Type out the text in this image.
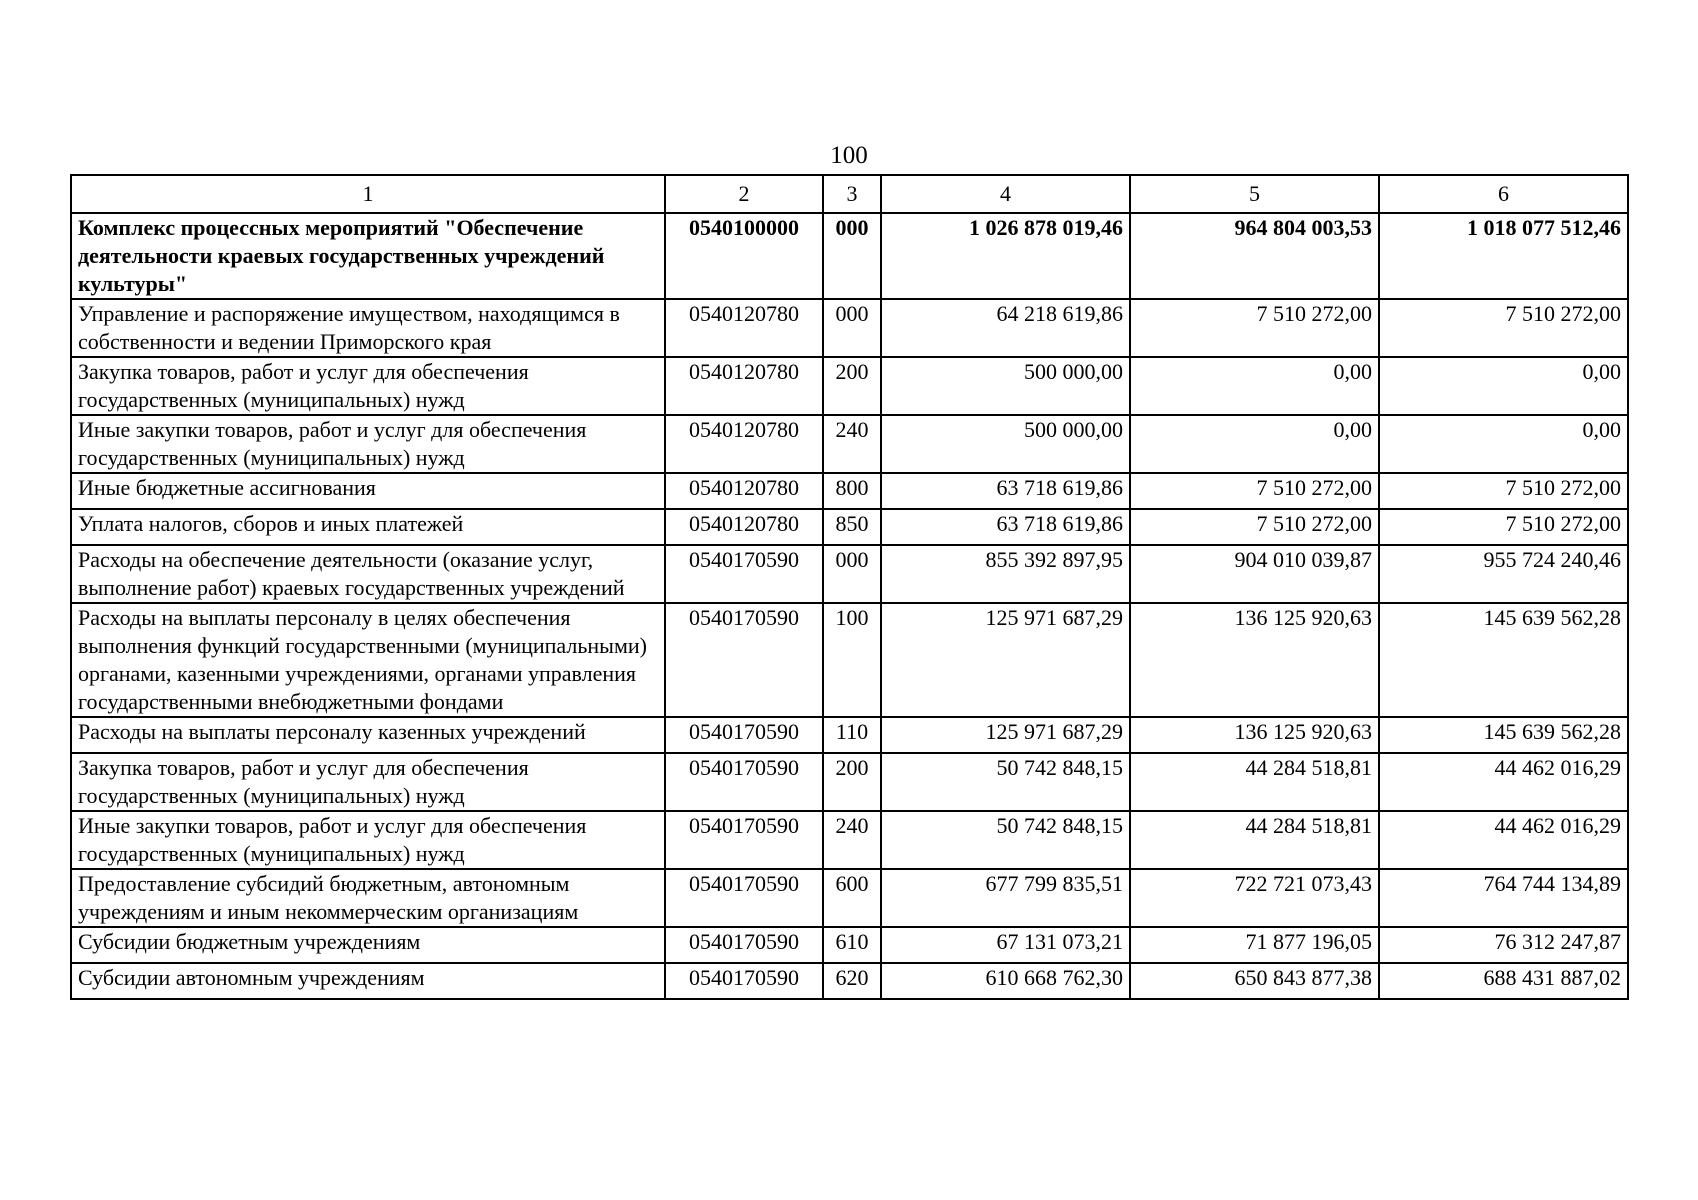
100
1	2	3	4	5	6
Комплекс процессных мероприятий "Обеспечение деятельности краевых государственных учреждений культуры"	0540100000	000	1 026 878 019,46	964 804 003,53	1 018 077 512,46
Управление и распоряжение имуществом, находящимся в собственности и ведении Приморского края	0540120780	000	64 218 619,86	7 510 272,00	7 510 272,00
Закупка товаров, работ и услуг для обеспечения государственных (муниципальных) нужд	0540120780	200	500 000,00	0,00	0,00
Иные закупки товаров, работ и услуг для обеспечения государственных (муниципальных) нужд	0540120780	240	500 000,00	0,00	0,00
Иные бюджетные ассигнования	0540120780	800	63 718 619,86	7 510 272,00	7 510 272,00
Уплата налогов, сборов и иных платежей	0540120780	850	63 718 619,86	7 510 272,00	7 510 272,00
Расходы на обеспечение деятельности (оказание услуг, выполнение работ) краевых государственных учреждений	0540170590	000	855 392 897,95	904 010 039,87	955 724 240,46
Расходы на выплаты персоналу в целях обеспечения выполнения функций государственными (муниципальными) органами, казенными учреждениями, органами управления государственными внебюджетными фондами	0540170590	100	125 971 687,29	136 125 920,63	145 639 562,28
Расходы на выплаты персоналу казенных учреждений	0540170590	110	125 971 687,29	136 125 920,63	145 639 562,28
Закупка товаров, работ и услуг для обеспечения государственных (муниципальных) нужд	0540170590	200	50 742 848,15	44 284 518,81	44 462 016,29
Иные закупки товаров, работ и услуг для обеспечения государственных (муниципальных) нужд	0540170590	240	50 742 848,15	44 284 518,81	44 462 016,29
Предоставление субсидий бюджетным, автономным учреждениям и иным некоммерческим организациям	0540170590	600	677 799 835,51	722 721 073,43	764 744 134,89
Субсидии бюджетным учреждениям	0540170590	610	67 131 073,21	71 877 196,05	76 312 247,87
Субсидии автономным учреждениям	0540170590	620	610 668 762,30	650 843 877,38	688 431 887,02
